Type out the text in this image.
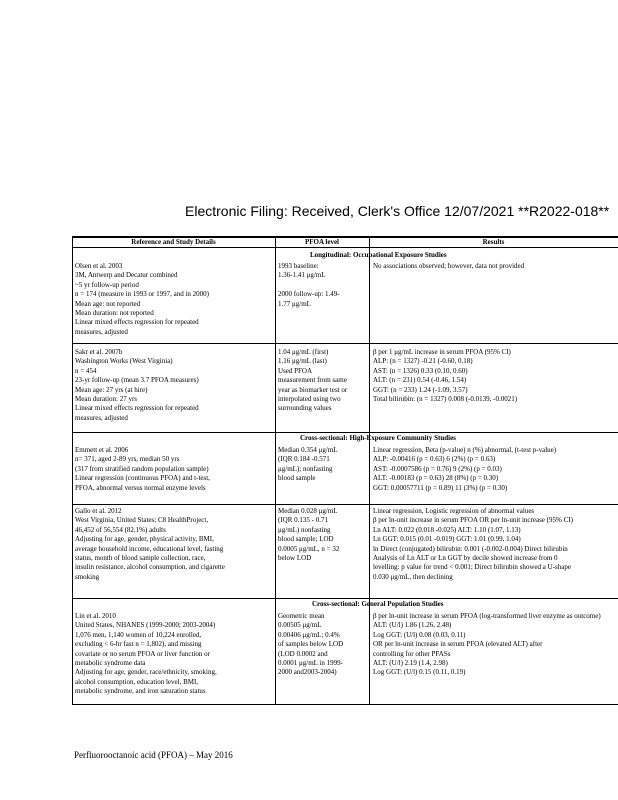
Electronic Filing: Received, Clerk's Office 12/07/2021 **R2022-018**
Reference and Study Details	PFOA level	Results
Longitudinal: Occupational Exposure Studies
Cross-sectional: High-Exposure Community Studies
Cross-sectional: General Population Studies
Olsen et al. 2003
3M, Antwerp and Decatur combined
~5 yr follow-up period
n = 174 (measure in 1993 or 1997, and in 2000)
Mean age: not reported
Mean duration: not reported
Linear mixed effects regression for repeated
measures, adjusted
1993 baseline:
1.36-1.41 μg/mL

2000 follow-up: 1.49-
1.77 μg/mL
No associations observed; however, data not provided
Sakr et al. 2007b
Washington Works (West Virginia)
n = 454
23-yr follow-up (mean 3.7 PFOA measures)
Mean age: 27 yrs (at hire)
Mean duration: 27 yrs
Linear mixed effects regression for repeated
measures, adjusted
1.04 μg/mL (first)
1.16 μg/mL (last)
Used PFOA
measurement from same
year as biomarker test or
interpolated using two
surrounding values
β per 1 μg/mL increase in serum PFOA (95% CI)
ALP: (n = 1327) -0.21 (-0.60, 0.18)
AST: (n = 1326) 0.33 (0.10, 0.60)
ALT: (n = 231) 0.54 (-0.46, 1.54)
GGT: (n = 233) 1.24 (-1.09, 3.57)
Total bilirubin: (n = 1327) 0.008 (-0.0139, -0.0021)
Emmett et al. 2006
n= 371, aged 2-89 yrs, median 50 yrs
(317 from stratified random population sample)
Linear regression (continuous PFOA) and t-test,
PFOA, abnormal versus normal enzyme levels
Median 0.354 μg/mL
(IQR 0.184 -0.571
μg/mL); nonfasting
blood sample
Linear regression, Beta (p-value) n (%) abnormal, (t-test p-value)
ALP: -0.00416 (p = 0.63) 6 (2%) (p = 0.63)
AST: -0.0007586 (p = 0.76) 9 (2%) (p = 0.03)
ALT: -0.00183 (p = 0.63) 28 (8%) (p = 0.30)
GGT: 0.00057711 (p = 0.89) 11 (3%) (p = 0.30)
Gallo et al. 2012
West Virginia, United States; C8 HealthProject,
46,452 of 56,554 (82.1%) adults
Adjusting for age, gender, physical activity, BMI,
average household income, educational level, fasting
status, month of blood sample collection, race,
insulin resistance, alcohol consumption, and cigarette
smoking
Median 0.028 μg/mL
(IQR 0.135 - 0.71
μg/mL) nonfasting
blood sample; LOD
0.0005 μg/mL, n = 32
below LOD
Linear regression, Logistic regression of abnormal values
β per ln-unit increase in serum PFOA OR per ln-unit increase (95% CI)
Ln ALT: 0.022 (0.018 -0.025) ALT: 1.10 (1.07, 1.13)
Ln GGT: 0.015 (0.01 -0.019) GGT: 1.01 (0.99, 1.04)
ln Direct (conjugated) bilirubin: 0.001 (-0.002-0.004) Direct bilirubin
Analysis of Ln ALT or Ln GGT by decile showed increase from 0
levelling: p value for trend < 0.001; Direct bilirubin showed a U-shape
0.030 μg/mL, then declining
Lin et al. 2010
United States, NHANES (1999-2000; 2003-2004)
1,076 men, 1,140 women of 10,224 enrolled,
excluding < 6-hr fast n = 1,802), and missing
covariate or no serum PFOA or liver function or
metabolic syndrome data
Adjusting for age, gender, race/ethnicity, smoking,
alcohol consumption, education level, BMI,
metabolic syndrome, and iron saturation status
Geometric mean
0.00505 μg/mL
0.00406 μg/mL; 0.4%
of samples below LOD
(LOD 0.0002 and
0.0001 μg/mL in 1999-
2000 and2003-2004)
β per ln-unit increase in serum PFOA (log-transformed liver enzyme as outcome)
ALT: (U/l) 1.86 (1.26, 2.48)
Log GGT: (U/l) 0.08 (0.03, 0.11)
OR per ln-unit increase in serum PFOA (elevated ALT) after
controlling for other PFASs
ALT: (U/l) 2.19 (1.4, 2.98)
Log GGT: (U/l) 0.15 (0.11, 0.19)
Perfluorooctanoic acid (PFOA) – May 2016
